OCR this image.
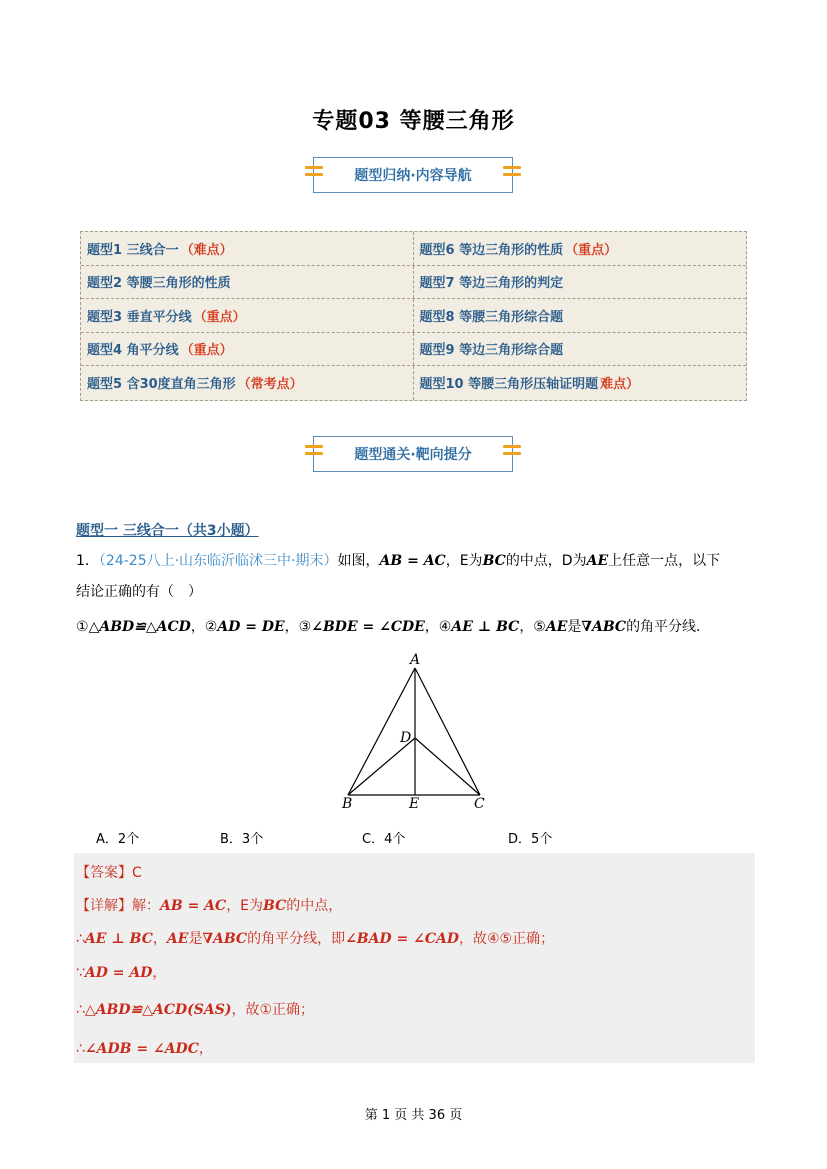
专题03 等腰三角形
题型归纳·内容导航
题型1 三线合一 （难点）	题型6 等边三角形的性质 （重点）
题型2 等腰三角形的性质	题型7 等边三角形的判定
题型3 垂直平分线 （重点）	题型8 等腰三角形综合题
题型4 角平分线 （重点）	题型9 等边三角形综合题
题型5 含30度直角三角形 （常考点）	题型10 等腰三角形压轴证明题 难点）
题型通关·靶向提分
题型一 三线合一（共3小题）
1．（24-25八上·山东临沂临沭三中·期末）如图，AB = AC，E为BC的中点，D为AE上任意一点，以下
结论正确的有（　）
①△ABD≌△ACD，②AD = DE，③∠BDE = ∠CDE，④AE ⊥ BC，⑤AE是∇ABC的角平分线．
A
B	C
D
E
A．2个	B．3个	C．4个	D．5个
【答案】C
【详解】解：AB = AC，E为BC的中点，
∴AE ⊥ BC，AE是∇ABC的角平分线，即∠BAD = ∠CAD，故④⑤正确；
∵AD = AD，
∴△ABD≌△ACD(SAS)，故①正确；
∴∠ADB = ∠ADC，
第 1 页 共 36 页
